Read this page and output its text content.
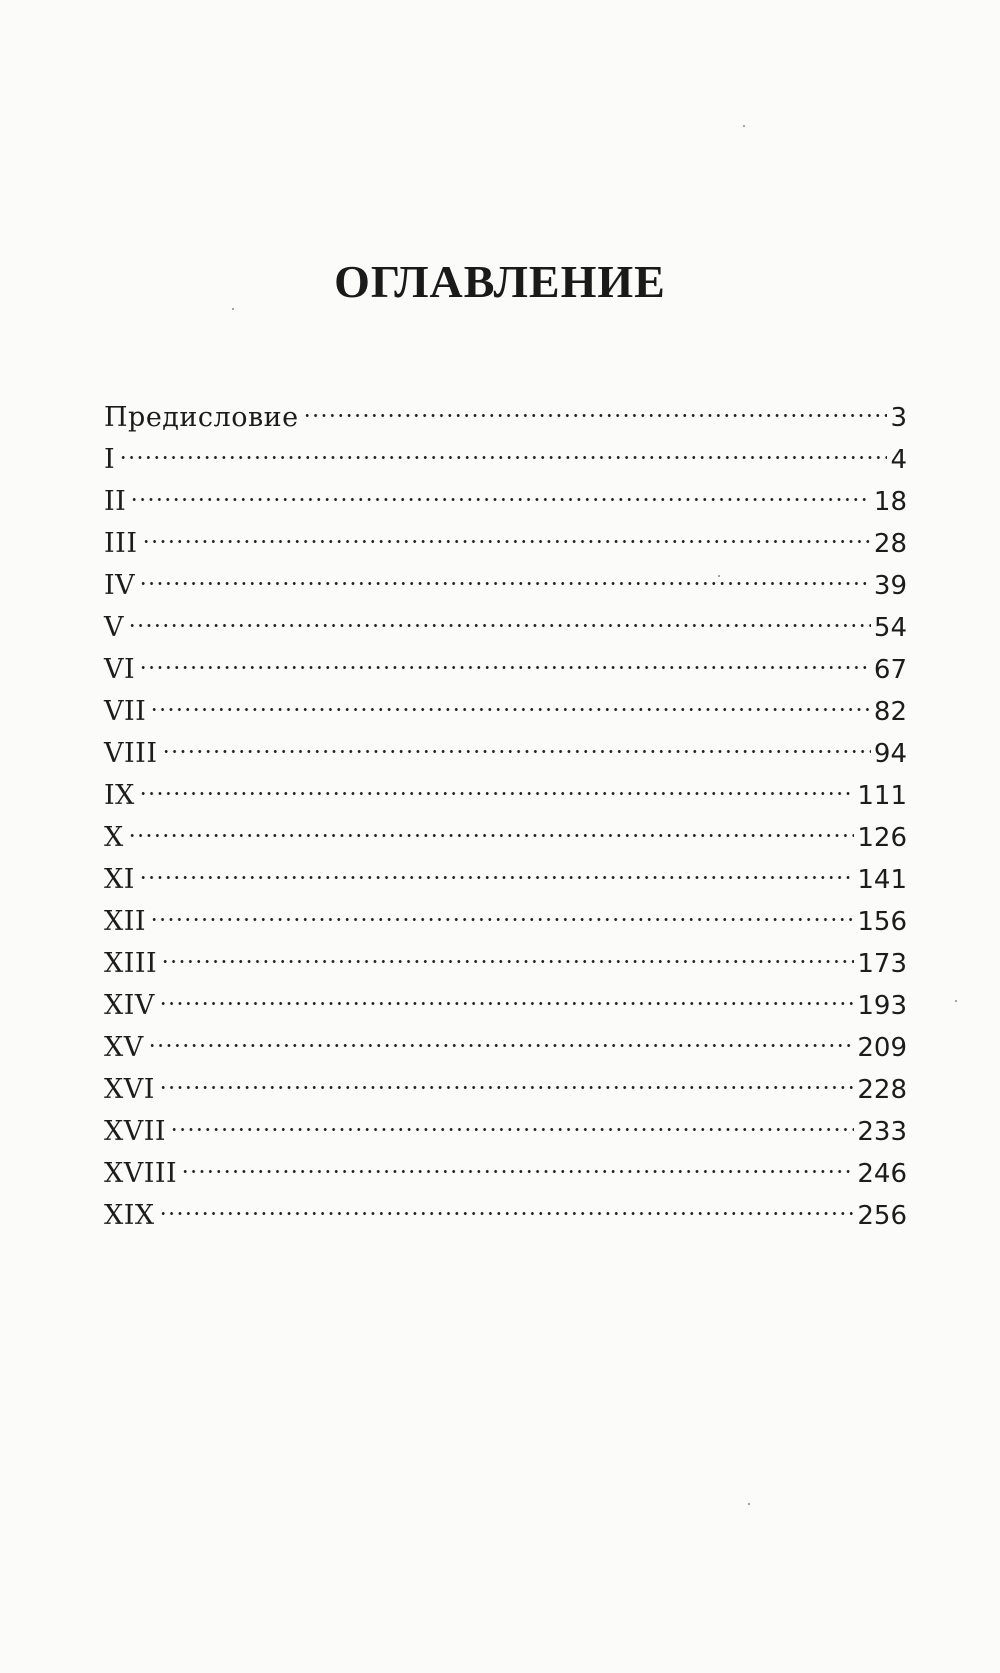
ОГЛАВЛЕНИЕ
Предисловие	3
I	4
II	18
III	28
IV	39
V	54
VI	67
VII	82
VIII	94
IX	111
X	126
XI	141
XII	156
XIII	173
XIV	193
XV	209
XVI	228
XVII	233
XVIII	246
XIX	256
